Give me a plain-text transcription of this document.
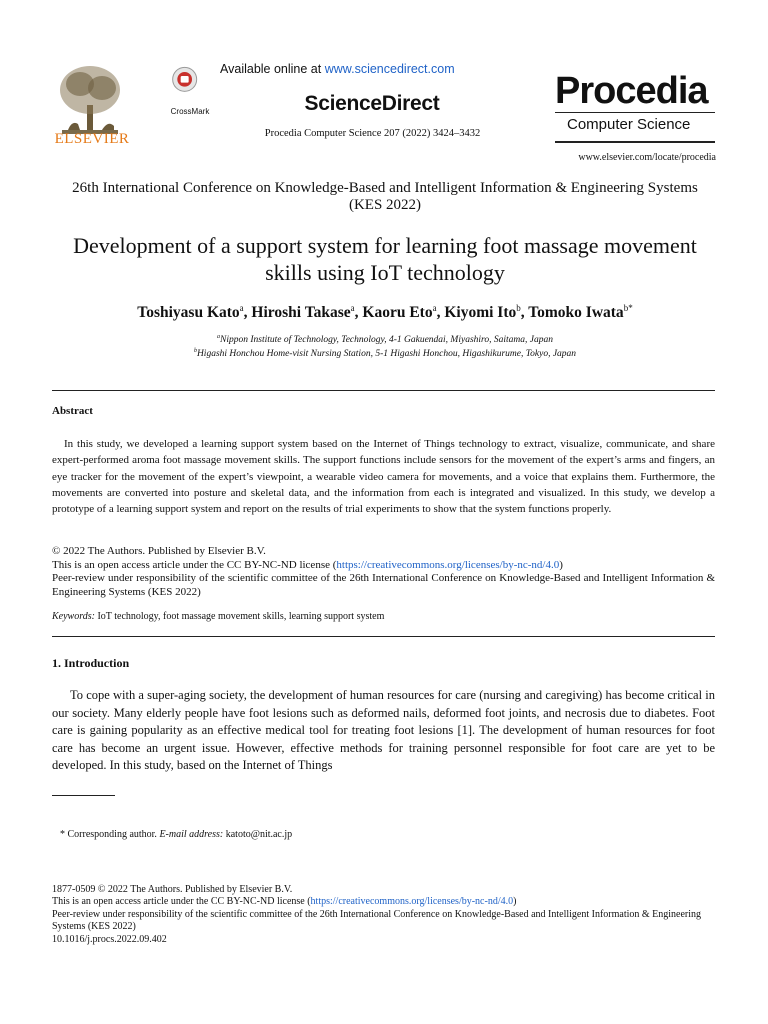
ELSEVIER
CrossMark
Available online at www.sciencedirect.com
ScienceDirect
Procedia Computer Science 207 (2022) 3424–3432
Procedia
Computer Science
www.elsevier.com/locate/procedia
26th International Conference on Knowledge-Based and Intelligent Information & Engineering Systems (KES 2022)
Development of a support system for learning foot massage movement skills using IoT technology
Toshiyasu Kato$^a$, Hiroshi Takase$^a$, Kaoru Eto$^a$, Kiyomi Ito$^b$, Tomoko Iwata$^{b*}$
$^a$Nippon Institute of Technology, Technology, 4-1 Gakuendai, Miyashiro, Saitama, Japan
$^b$Higashi Honchou Home-visit Nursing Station, 5-1 Higashi Honchou, Higashikurume, Tokyo, Japan
Abstract
In this study, we developed a learning support system based on the Internet of Things technology to extract, visualize, communicate, and share expert-performed aroma foot massage movement skills. The support functions include sensors for the movement of the expert’s arms and fingers, an eye tracker for the movement of the expert’s viewpoint, a wearable video camera for movements, and a voice that explains them. Furthermore, the movements are converted into posture and skeletal data, and the information from each is integrated and visualized. In this study, we develop a prototype of a learning support system and report on the results of trial experiments to show that the system functions properly.
© 2022 The Authors. Published by Elsevier B.V.
This is an open access article under the CC BY-NC-ND license (https://creativecommons.org/licenses/by-nc-nd/4.0)
Peer-review under responsibility of the scientific committee of the 26th International Conference on Knowledge-Based and Intelligent Information & Engineering Systems (KES 2022)
Keywords: IoT technology, foot massage movement skills, learning support system
1. Introduction
To cope with a super-aging society, the development of human resources for care (nursing and caregiving) has become critical in our society. Many elderly people have foot lesions such as deformed nails, deformed foot joints, and necrosis due to diabetes. Foot care is gaining popularity as an effective medical tool for treating foot lesions [1]. The development of human resources for foot care has become an urgent issue. However, effective methods for training personnel responsible for foot care are yet to be developed. In this study, based on the Internet of Things
* Corresponding author. E-mail address: katoto@nit.ac.jp
1877-0509 © 2022 The Authors. Published by Elsevier B.V.
This is an open access article under the CC BY-NC-ND license (https://creativecommons.org/licenses/by-nc-nd/4.0)
Peer-review under responsibility of the scientific committee of the 26th International Conference on Knowledge-Based and Intelligent Information & Engineering Systems (KES 2022)
10.1016/j.procs.2022.09.402
